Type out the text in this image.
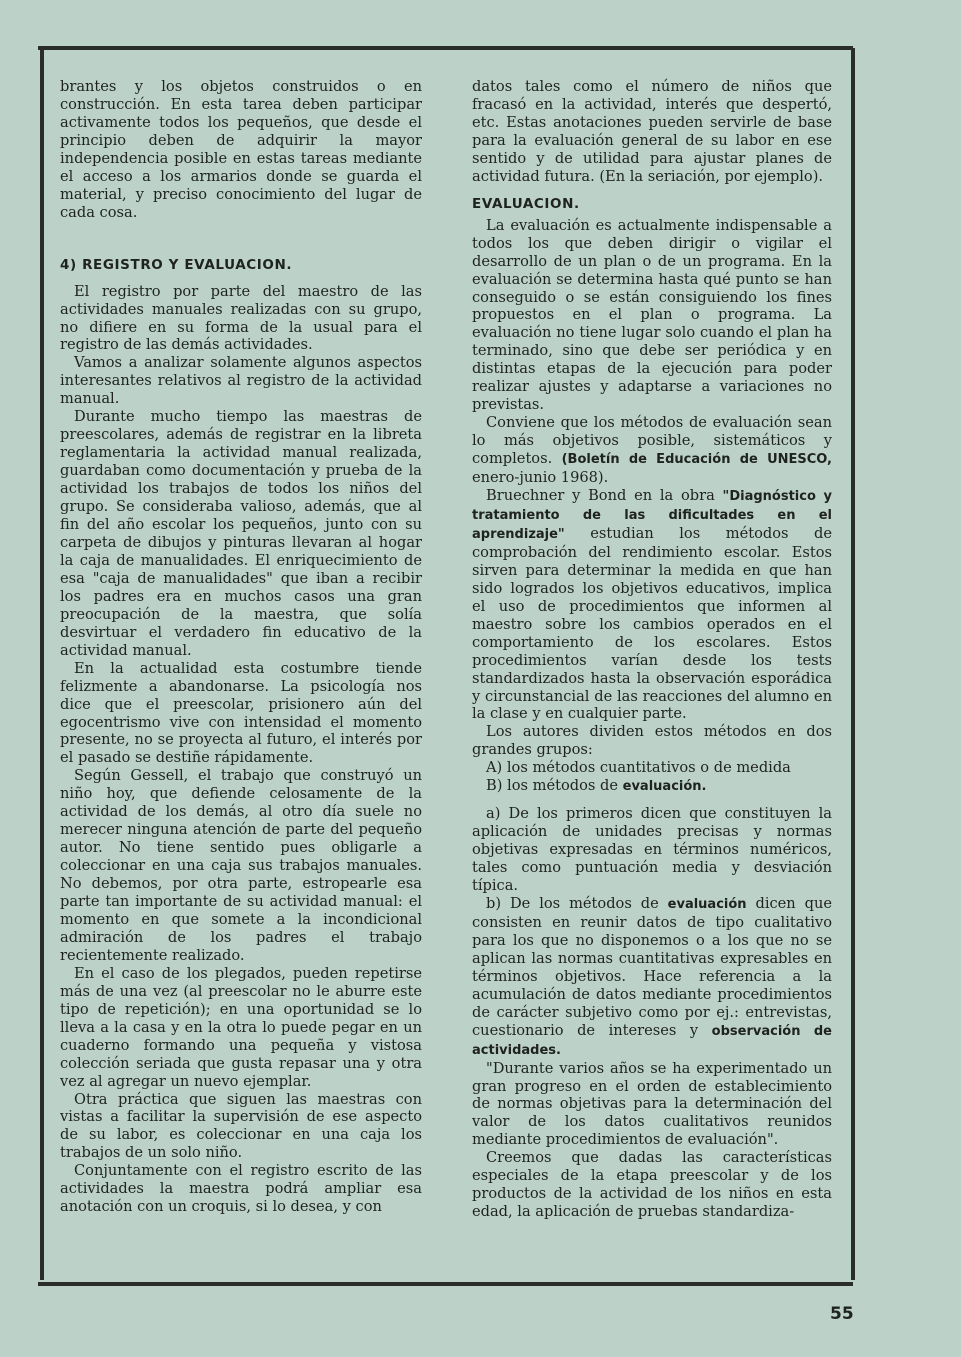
brantes y los objetos construidos o en construcción. En esta tarea deben participar activamente todos los pequeños, que desde el principio deben de adquirir la mayor independencia posible en estas tareas mediante el acceso a los armarios donde se guarda el material, y preciso conocimiento del lugar de cada cosa.

4) REGISTRO Y EVALUACION.

El registro por parte del maestro de las actividades manuales realizadas con su grupo, no difiere en su forma de la usual para el registro de las demás actividades.

Vamos a analizar solamente algunos aspectos interesantes relativos al registro de la actividad manual.

Durante mucho tiempo las maestras de preescolares, además de registrar en la libreta reglamentaria la actividad manual realizada, guardaban como documentación y prueba de la actividad los trabajos de todos los niños del grupo. Se consideraba valioso, además, que al fin del año escolar los pequeños, junto con su carpeta de dibujos y pinturas llevaran al hogar la caja de manualidades. El enriquecimiento de esa "caja de manualidades" que iban a recibir los padres era en muchos casos una gran preocupación de la maestra, que solía desvirtuar el verdadero fin educativo de la actividad manual.

En la actualidad esta costumbre tiende felizmente a abandonarse. La psicología nos dice que el preescolar, prisionero aún del egocentrismo vive con intensidad el momento presente, no se proyecta al futuro, el interés por el pasado se destiñe rápidamente.

Según Gessell, el trabajo que construyó un niño hoy, que defiende celosamente de la actividad de los demás, al otro día suele no merecer ninguna atención de parte del pequeño autor. No tiene sentido pues obligarle a coleccionar en una caja sus trabajos manuales. No debemos, por otra parte, estropearle esa parte tan importante de su actividad manual: el momento en que somete a la incondicional admiración de los padres el trabajo recientemente realizado.

En el caso de los plegados, pueden repetirse más de una vez (al preescolar no le aburre este tipo de repetición); en una oportunidad se lo lleva a la casa y en la otra lo puede pegar en un cuaderno formando una pequeña y vistosa colección seriada que gusta repasar una y otra vez al agregar un nuevo ejemplar.

Otra práctica que siguen las maestras con vistas a facilitar la supervisión de ese aspecto de su labor, es coleccionar en una caja los trabajos de un solo niño.

Conjuntamente con el registro escrito de las actividades la maestra podrá ampliar esa anotación con un croquis, si lo desea, y con

datos tales como el número de niños que fracasó en la actividad, interés que despertó, etc. Estas anotaciones pueden servirle de base para la evaluación general de su labor en ese sentido y de utilidad para ajustar planes de actividad futura. (En la seriación, por ejemplo).

EVALUACION.

La evaluación es actualmente indispensable a todos los que deben dirigir o vigilar el desarrollo de un plan o de un programa. En la evaluación se determina hasta qué punto se han conseguido o se están consiguiendo los fines propuestos en el plan o programa. La evaluación no tiene lugar solo cuando el plan ha terminado, sino que debe ser periódica y en distintas etapas de la ejecución para poder realizar ajustes y adaptarse a variaciones no previstas.

Conviene que los métodos de evaluación sean lo más objetivos posible, sistemáticos y completos. (Boletín de Educación de UNESCO, enero-junio 1968).

Bruechner y Bond en la obra "Diagnóstico y tratamiento de las dificultades en el aprendizaje" estudian los métodos de comprobación del rendimiento escolar. Estos sirven para determinar la medida en que han sido logrados los objetivos educativos, implica el uso de procedimientos que informen al maestro sobre los cambios operados en el comportamiento de los escolares. Estos procedimientos varían desde los tests standardizados hasta la observación esporádica y circunstancial de las reacciones del alumno en la clase y en cualquier parte.

Los autores dividen estos métodos en dos grandes grupos:

A) los métodos cuantitativos o de medida

B) los métodos de evaluación.

a) De los primeros dicen que constituyen la aplicación de unidades precisas y normas objetivas expresadas en términos numéricos, tales como puntuación media y desviación típica.

b) De los métodos de evaluación dicen que consisten en reunir datos de tipo cualitativo para los que no disponemos o a los que no se aplican las normas cuantitativas expresables en términos objetivos. Hace referencia a la acumulación de datos mediante procedimientos de carácter subjetivo como por ej.: entrevistas, cuestionario de intereses y observación de actividades.

"Durante varios años se ha experimentado un gran progreso en el orden de establecimiento de normas objetivas para la determinación del valor de los datos cualitativos reunidos mediante procedimientos de evaluación".

Creemos que dadas las características especiales de la etapa preescolar y de los productos de la actividad de los niños en esta edad, la aplicación de pruebas standardiza-

55
